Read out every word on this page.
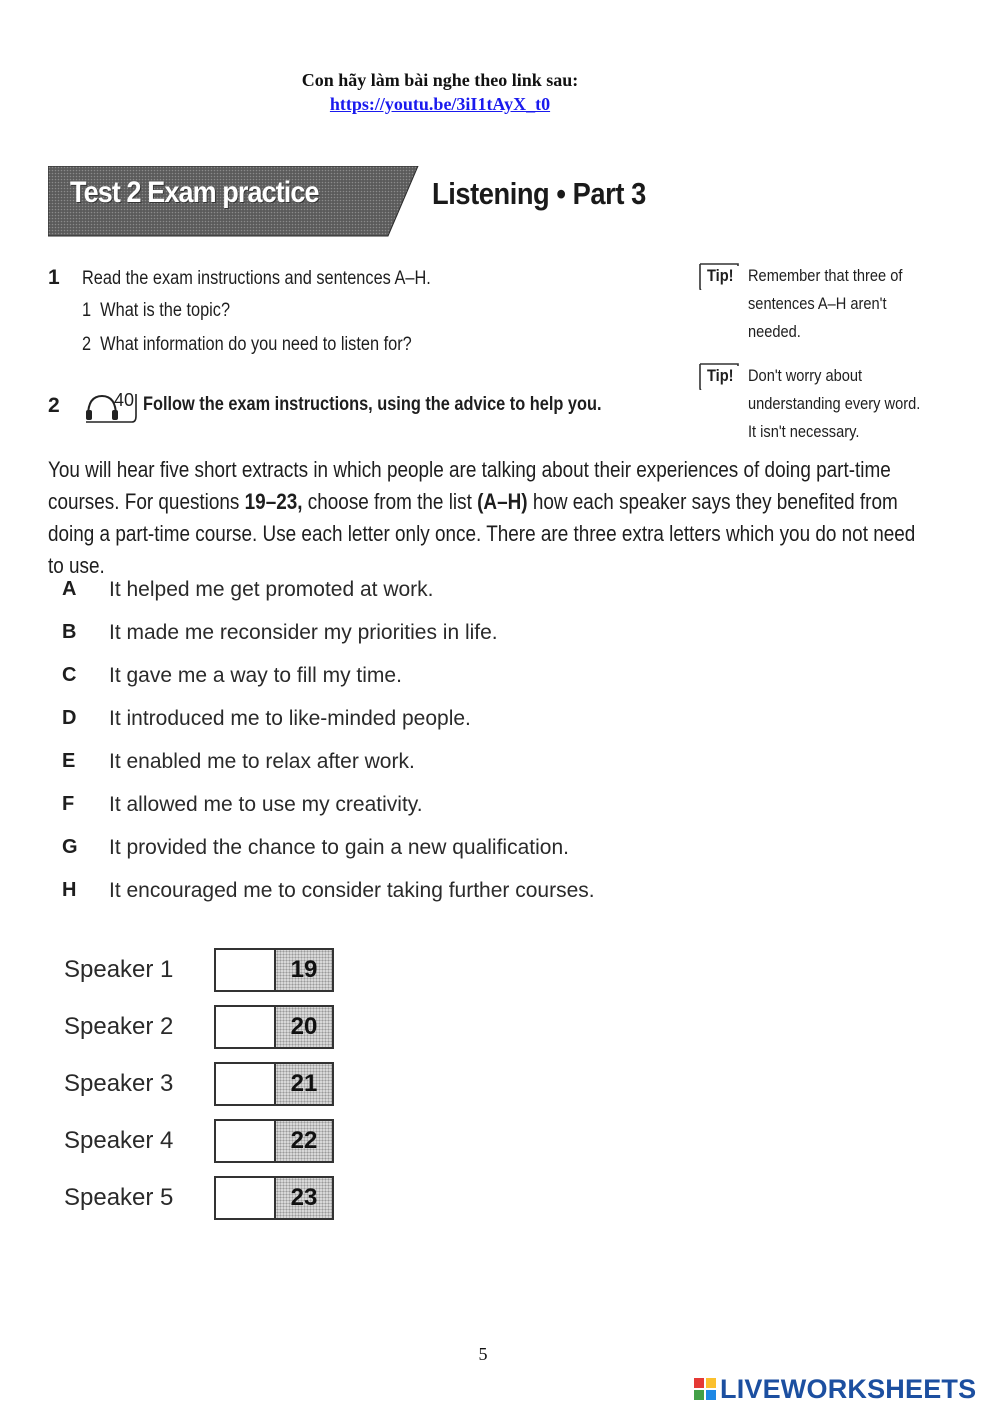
Con hãy làm bài nghe theo link sau:
https://youtu.be/3iI1tAyX_t0
Test 2 Exam practice	Listening • Part 3
1 Read the exam instructions and sentences A–H.
1 What is the topic?
2 What information do you need to listen for?
2	40 Follow the exam instructions, using the advice to help you.
Tip! Remember that three of
sentences A–H aren't
needed.
Tip! Don't worry about
understanding every word.
It isn't necessary.
You will hear five short extracts in which people are talking about their experiences of doing part-time courses. For questions 19–23, choose from the list (A–H) how each speaker says they benefited from doing a part-time course. Use each letter only once. There are three extra letters which you do not need to use.
A It helped me get promoted at work.
B It made me reconsider my priorities in life.
C It gave me a way to fill my time.
D It introduced me to like-minded people.
E It enabled me to relax after work.
F It allowed me to use my creativity.
G It provided the chance to gain a new qualification.
H It encouraged me to consider taking further courses.
Speaker 1	19
Speaker 2	20
Speaker 3	21
Speaker 4	22
Speaker 5	23
5
LIVEWORKSHEETS
